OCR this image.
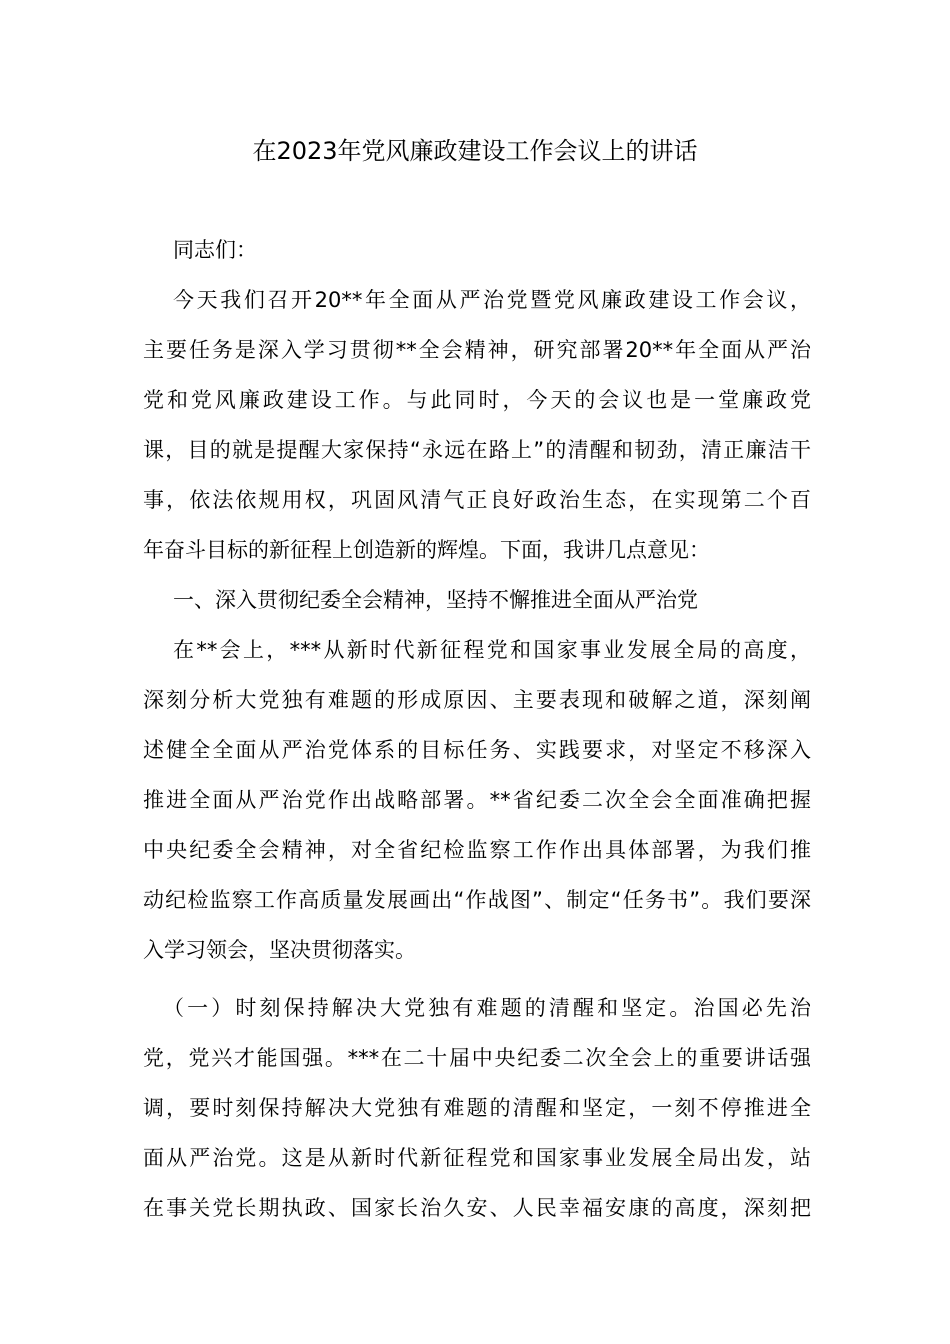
在2023年党风廉政建设工作会议上的讲话
同志们：
今天我们召开20**年全面从严治党暨党风廉政建设工作会议，
主要任务是深入学习贯彻**全会精神，研究部署20**年全面从严治
党和党风廉政建设工作。与此同时，今天的会议也是一堂廉政党
课，目的就是提醒大家保持“永远在路上”的清醒和韧劲，清正廉洁干
事，依法依规用权，巩固风清气正良好政治生态，在实现第二个百
年奋斗目标的新征程上创造新的辉煌。下面，我讲几点意见：
一、深入贯彻纪委全会精神，坚持不懈推进全面从严治党
在**会上，***从新时代新征程党和国家事业发展全局的高度，
深刻分析大党独有难题的形成原因、主要表现和破解之道，深刻阐
述健全全面从严治党体系的目标任务、实践要求，对坚定不移深入
推进全面从严治党作出战略部署。**省纪委二次全会全面准确把握
中央纪委全会精神，对全省纪检监察工作作出具体部署，为我们推
动纪检监察工作高质量发展画出“作战图”、制定“任务书”。我们要深
入学习领会，坚决贯彻落实。
（一）时刻保持解决大党独有难题的清醒和坚定。治国必先治
党，党兴才能国强。***在二十届中央纪委二次全会上的重要讲话强
调，要时刻保持解决大党独有难题的清醒和坚定，一刻不停推进全
面从严治党。这是从新时代新征程党和国家事业发展全局出发，站
在事关党长期执政、国家长治久安、人民幸福安康的高度，深刻把
